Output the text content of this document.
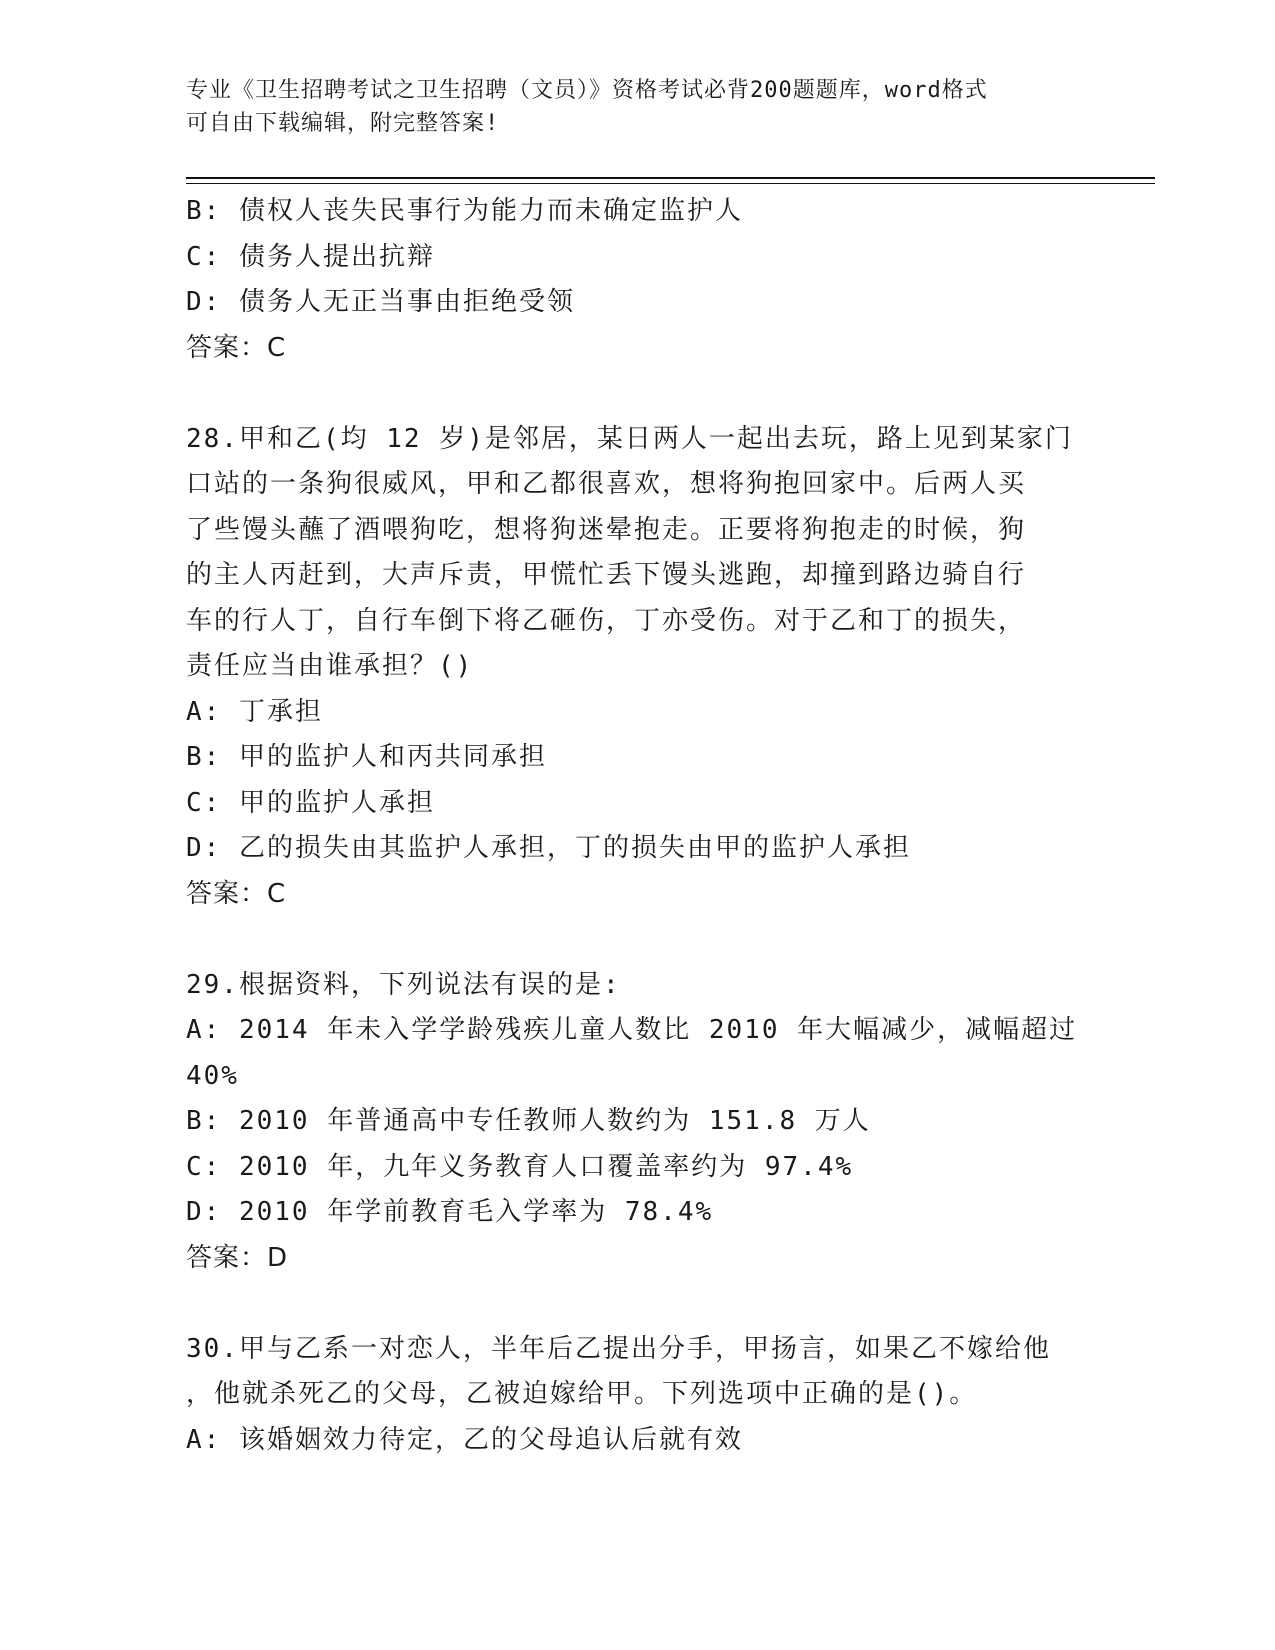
专业《卫生招聘考试之卫生招聘（文员）》资格考试必背200题题库，word格式
可自由下载编辑，附完整答案!
B: 债权人丧失民事行为能力而未确定监护人
C: 债务人提出抗辩
D: 债务人无正当事由拒绝受领
答案：C
28.甲和乙(均 12 岁)是邻居，某日两人一起出去玩，路上见到某家门
口站的一条狗很威风，甲和乙都很喜欢，想将狗抱回家中。后两人买
了些馒头蘸了酒喂狗吃，想将狗迷晕抱走。正要将狗抱走的时候，狗
的主人丙赶到，大声斥责，甲慌忙丢下馒头逃跑，却撞到路边骑自行
车的行人丁，自行车倒下将乙砸伤，丁亦受伤。对于乙和丁的损失，
责任应当由谁承担？()
A: 丁承担
B: 甲的监护人和丙共同承担
C: 甲的监护人承担
D: 乙的损失由其监护人承担，丁的损失由甲的监护人承担
答案：C
29.根据资料，下列说法有误的是:
A: 2014 年未入学学龄残疾儿童人数比 2010 年大幅减少，减幅超过
40%
B: 2010 年普通高中专任教师人数约为 151.8 万人
C: 2010 年，九年义务教育人口覆盖率约为 97.4%
D: 2010 年学前教育毛入学率为 78.4%
答案：D
30.甲与乙系一对恋人，半年后乙提出分手，甲扬言，如果乙不嫁给他
，他就杀死乙的父母，乙被迫嫁给甲。下列选项中正确的是()。
A: 该婚姻效力待定，乙的父母追认后就有效
